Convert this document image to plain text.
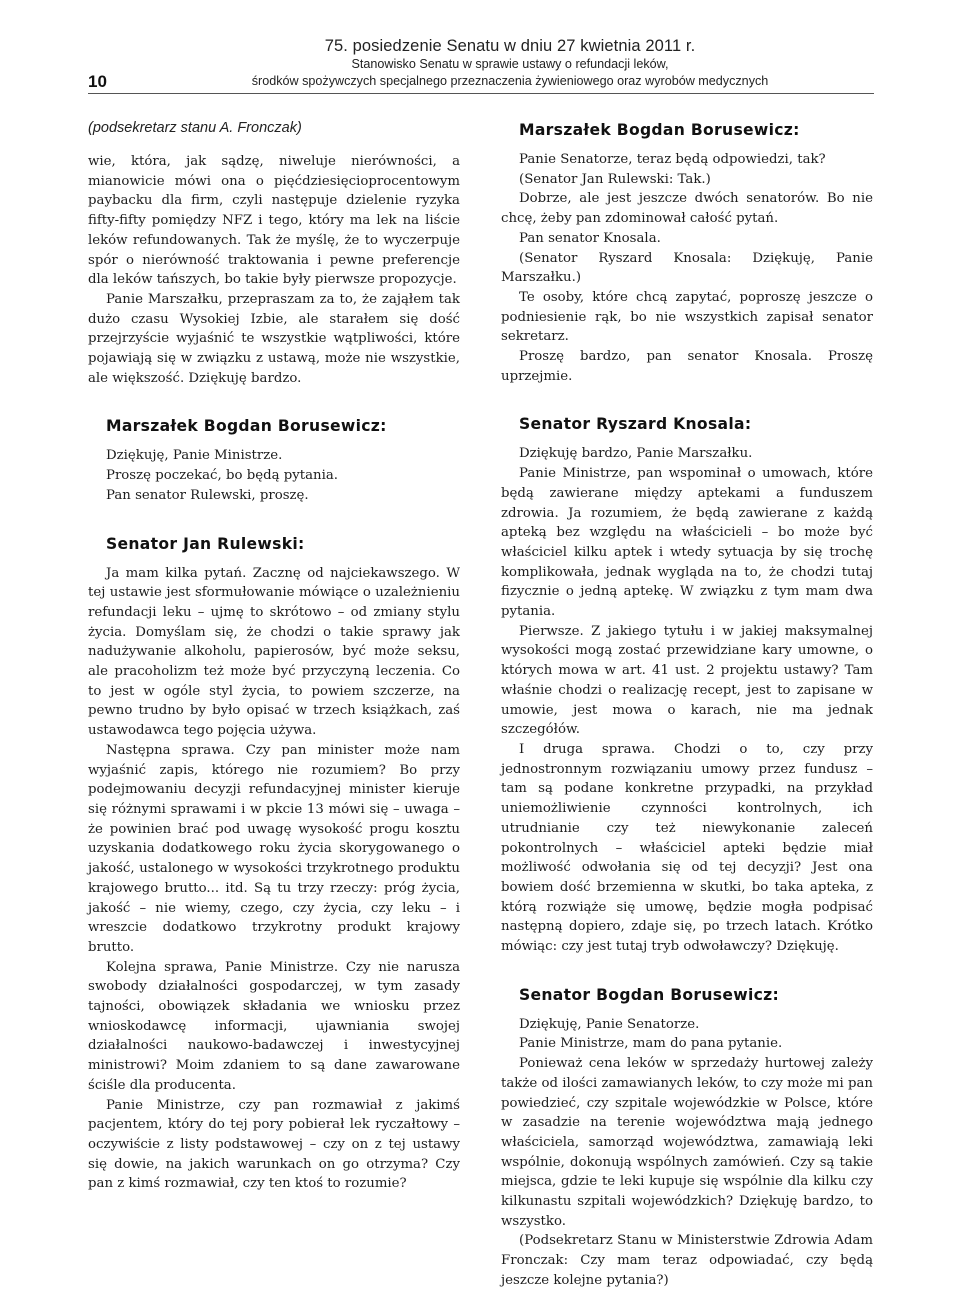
10
75. posiedzenie Senatu w dniu 27 kwietnia 2011 r.
Stanowisko Senatu w sprawie ustawy o refundacji leków,
środków spożywczych specjalnego przeznaczenia żywieniowego oraz wyrobów medycznych
(podsekretarz stanu A. Fronczak)

wie, która, jak sądzę, niweluje nierówności, a mianowicie mówi ona o pięćdziesięcioprocentowym paybacku dla firm, czyli następuje dzielenie ryzyka fifty-fifty pomiędzy NFZ i tego, który ma lek na liście leków refundowanych. Tak że myślę, że to wyczerpuje spór o nierówność traktowania i pewne preferencje dla leków tańszych, bo takie były pierwsze propozycje.

Panie Marszałku, przepraszam za to, że zająłem tak dużo czasu Wysokiej Izbie, ale starałem się dość przejrzyście wyjaśnić te wszystkie wątpliwości, które pojawiają się w związku z ustawą, może nie wszystkie, ale większość. Dziękuję bardzo.

Marszałek Bogdan Borusewicz:

Dziękuję, Panie Ministrze.

Proszę poczekać, bo będą pytania.

Pan senator Rulewski, proszę.

Senator Jan Rulewski:

Ja mam kilka pytań. Zacznę od najciekawszego. W tej ustawie jest sformułowanie mówiące o uzależnieniu refundacji leku – ujmę to skrótowo – od zmiany stylu życia. Domyślam się, że chodzi o takie sprawy jak nadużywanie alkoholu, papierosów, być może seksu, ale pracoholizm też może być przyczyną leczenia. Co to jest w ogóle styl życia, to powiem szczerze, na pewno trudno by było opisać w trzech książkach, zaś ustawodawca tego pojęcia używa.

Następna sprawa. Czy pan minister może nam wyjaśnić zapis, którego nie rozumiem? Bo przy podejmowaniu decyzji refundacyjnej minister kieruje się różnymi sprawami i w pkcie 13 mówi się – uwaga – że powinien brać pod uwagę wysokość progu kosztu uzyskania dodatkowego roku życia skorygowanego o jakość, ustalonego w wysokości trzykrotnego produktu krajowego brutto... itd. Są tu trzy rzeczy: próg życia, jakość – nie wiemy, czego, czy życia, czy leku – i wreszcie dodatkowo trzykrotny produkt krajowy brutto.

Kolejna sprawa, Panie Ministrze. Czy nie narusza swobody działalności gospodarczej, w tym zasady tajności, obowiązek składania we wniosku przez wnioskodawcę informacji, ujawniania swojej działalności naukowo-badawczej i inwestycyjnej ministrowi? Moim zdaniem to są dane zawarowane ściśle dla producenta.

Panie Ministrze, czy pan rozmawiał z jakimś pacjentem, który do tej pory pobierał lek ryczałtowy – oczywiście z listy podstawowej – czy on z tej ustawy się dowie, na jakich warunkach on go otrzyma? Czy pan z kimś rozmawiał, czy ten ktoś to rozumie?

Marszałek Bogdan Borusewicz:

Panie Senatorze, teraz będą odpowiedzi, tak?

(Senator Jan Rulewski: Tak.)

Dobrze, ale jest jeszcze dwóch senatorów. Bo nie chcę, żeby pan zdominował całość pytań.

Pan senator Knosala.

(Senator Ryszard Knosala: Dziękuję, Panie Marszałku.)

Te osoby, które chcą zapytać, poproszę jeszcze o podniesienie rąk, bo nie wszystkich zapisał senator sekretarz.

Proszę bardzo, pan senator Knosala. Proszę uprzejmie.

Senator Ryszard Knosala:

Dziękuję bardzo, Panie Marszałku.

Panie Ministrze, pan wspominał o umowach, które będą zawierane między aptekami a funduszem zdrowia. Ja rozumiem, że będą zawierane z każdą apteką bez względu na właścicieli – bo może być właściciel kilku aptek i wtedy sytuacja by się trochę komplikowała, jednak wygląda na to, że chodzi tutaj fizycznie o jedną aptekę. W związku z tym mam dwa pytania.

Pierwsze. Z jakiego tytułu i w jakiej maksymalnej wysokości mogą zostać przewidziane kary umowne, o których mowa w art. 41 ust. 2 projektu ustawy? Tam właśnie chodzi o realizację recept, jest to zapisane w umowie, jest mowa o karach, nie ma jednak szczegółów.

I druga sprawa. Chodzi o to, czy przy jednostronnym rozwiązaniu umowy przez fundusz – tam są podane konkretne przypadki, na przykład uniemożliwienie czynności kontrolnych, ich utrudnianie czy też niewykonanie zaleceń pokontrolnych – właściciel apteki będzie miał możliwość odwołania się od tej decyzji? Jest ona bowiem dość brzemienna w skutki, bo taka apteka, z którą rozwiąże się umowę, będzie mogła podpisać następną dopiero, zdaje się, po trzech latach. Krótko mówiąc: czy jest tutaj tryb odwoławczy? Dziękuję.

Senator Bogdan Borusewicz:

Dziękuję, Panie Senatorze.

Panie Ministrze, mam do pana pytanie.

Ponieważ cena leków w sprzedaży hurtowej zależy także od ilości zamawianych leków, to czy może mi pan powiedzieć, czy szpitale wojewódzkie w Polsce, które w zasadzie na terenie województwa mają jednego właściciela, samorząd województwa, zamawiają leki wspólnie, dokonują wspólnych zamówień. Czy są takie miejsca, gdzie te leki kupuje się wspólnie dla kilku czy kilkunastu szpitali wojewódzkich? Dziękuję bardzo, to wszystko.

(Podsekretarz Stanu w Ministerstwie Zdrowia Adam Fronczak: Czy mam teraz odpowiadać, czy będą jeszcze kolejne pytania?)
